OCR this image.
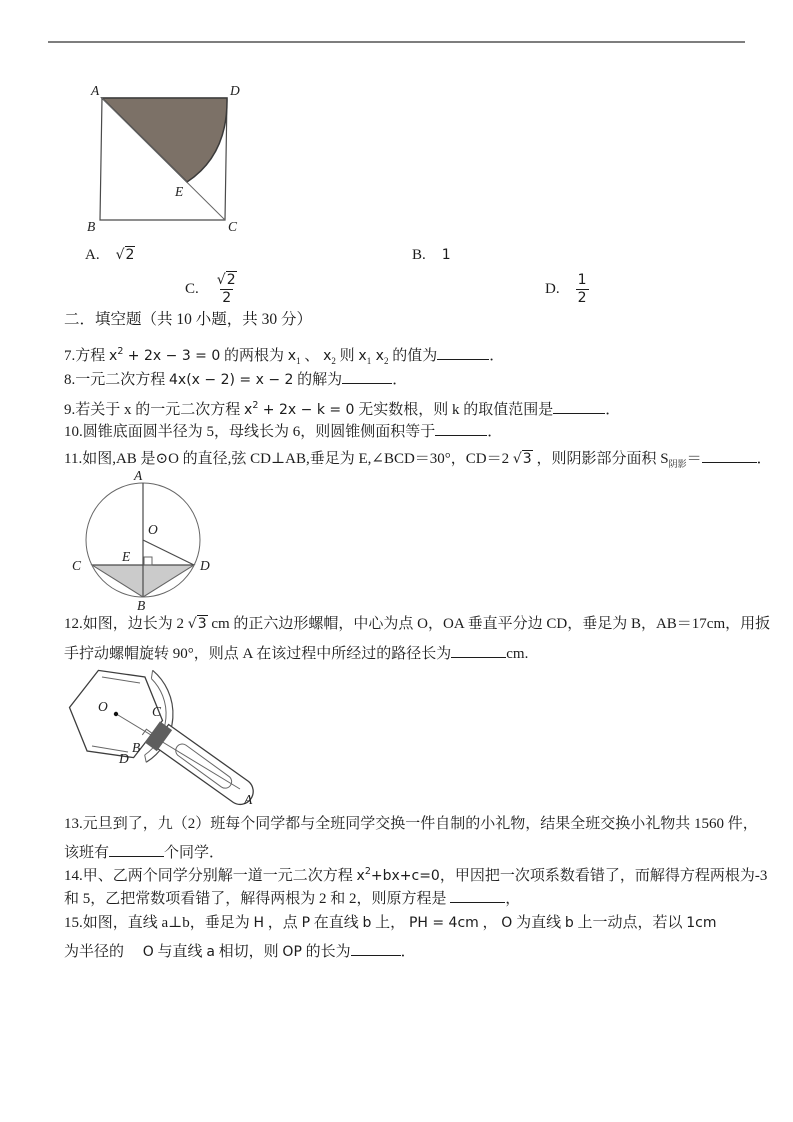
A	D
B	C
E
A. √2	B. 1
C. $\frac{√2}{2}$	D. $\frac{1}{2}$
二．填空题（共 10 小题，共 30 分）
7.方程 $x^2 + 2x - 3 = 0$ 的两根为 $x_1$ 、 $x_2$ 则 $x_1$ $x_2$ 的值为	．
8.一元二次方程 4x(x − 2) = x − 2 的解为	．
9.若关于 x 的一元二次方程 $x^2 + 2x - k = 0$ 无实数根，则 k 的取值范围是	．
10.圆锥底面圆半径为 5，母线长为 6，则圆锥侧面积等于	．
11.如图,AB 是⊙O 的直径,弦 CD⊥AB,垂足为 E,∠BCD＝30°，CD＝2 √3 ，则阴影部分面积 $S_{阴影}=$	．
A
B
C	D
O
E
12.如图，边长为 2 √3 cm 的正六边形螺帽，中心为点 O，OA 垂直平分边 CD，垂足为 B，AB＝17cm，用扳
手拧动螺帽旋转 90°，则点 A 在该过程中所经过的路径长为	cm.
O	C
B
D
A
13.元旦到了，九（2）班每个同学都与全班同学交换一件自制的小礼物，结果全班交换小礼物共 1560 件，
该班有	个同学．
14.甲、乙两个同学分别解一道一元二次方程 $x^2+bx+c=0$，甲因把一次项系数看错了，而解得方程两根为-3
和 5，乙把常数项看错了，解得两根为 2 和 2，则原方程是	，
15.如图，直线 a⊥b，垂足为 H ，点 P 在直线 b 上， PH = 4cm ， O 为直线 b 上一动点，若以 1cm
为半径的　 O 与直线 a 相切，则 OP 的长为	．
